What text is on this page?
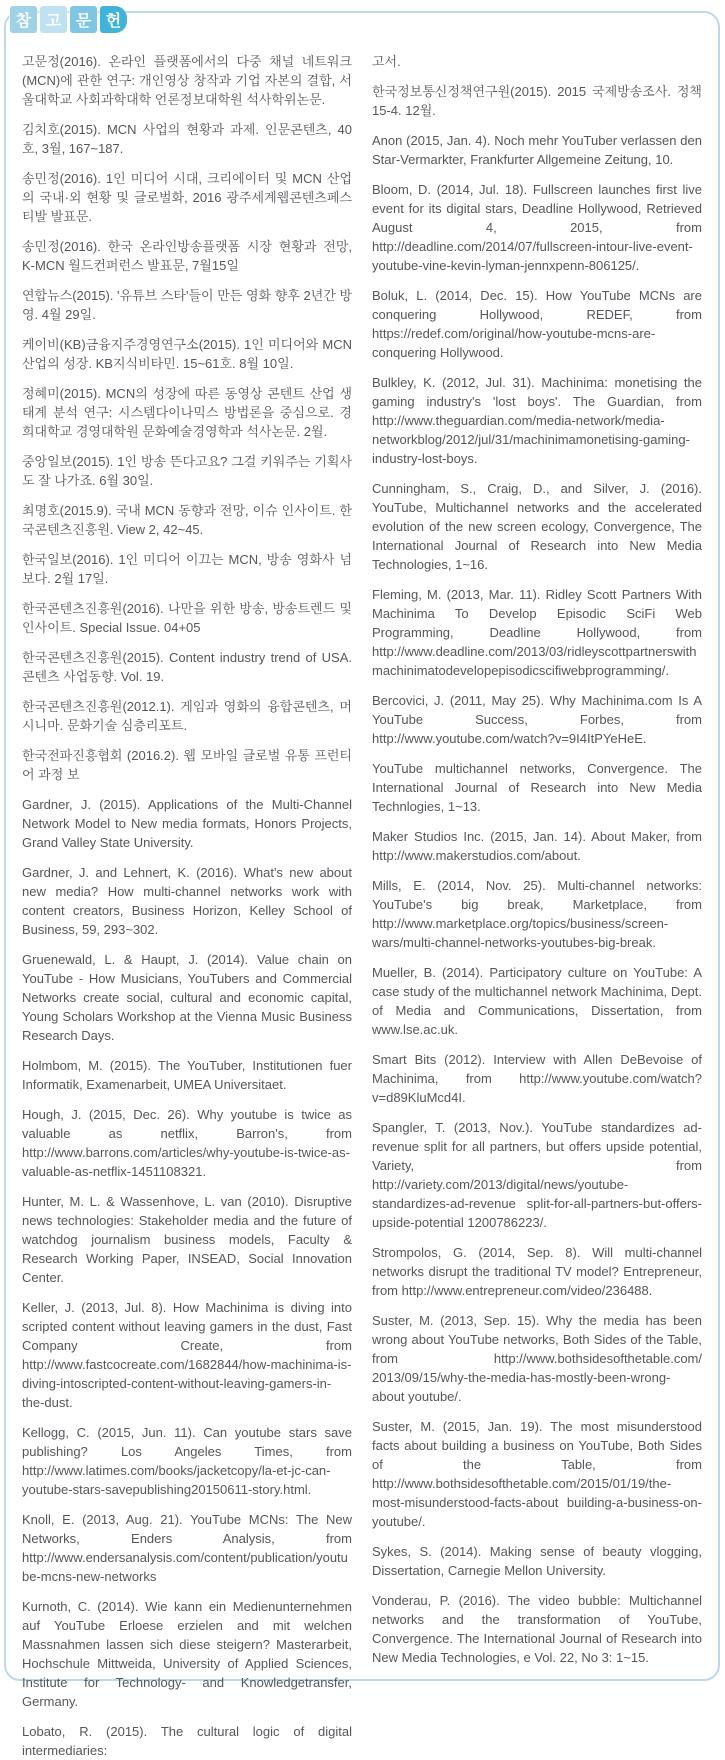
참 고 문 헌

고문정(2016). 온라인 플랫폼에서의 다중 채널 네트워크(MCN)에 관한 연구: 개인영상 창작과 기업 자본의 결합, 서울대학교 사회과학대학 언론정보대학원 석사학위논문.

김치호(2015). MCN 사업의 현황과 과제. 인문콘텐츠, 40호, 3월, 167~187.

송민정(2016). 1인 미디어 시대, 크리에이터 및 MCN 산업의 국내·외 현황 및 글로벌화, 2016 광주세계웹콘텐츠페스티발 발표문.

송민정(2016). 한국 온라인방송플랫폼 시장 현황과 전망, K-MCN 월드컨퍼런스 발표문, 7월15일

연합뉴스(2015). '유튜브 스타'들이 만든 영화 향후 2년간 방영. 4월 29일.

케이비(KB)금융지주경영연구소(2015). 1인 미디어와 MCN 산업의 성장. KB지식비타민. 15~61호. 8월 10일.

정혜미(2015). MCN의 성장에 따른 동영상 콘텐트 산업 생태계 분석 연구: 시스템다이나믹스 방법론을 중심으로. 경희대학교 경영대학원 문화예술경영학과 석사논문. 2월.

중앙일보(2015). 1인 방송 뜬다고요? 그걸 키워주는 기획사도 잘 나가죠. 6월 30일.

최명호(2015.9). 국내 MCN 동향과 전망, 이슈 인사이트. 한국콘텐츠진흥원. View 2, 42~45.

한국일보(2016). 1인 미디어 이끄는 MCN, 방송 영화사 넘보다. 2월 17일.

한국콘텐츠진흥원(2016). 나만을 위한 방송, 방송트렌드 및 인사이트. Special Issue. 04+05

한국콘텐츠진흥원(2015). Content industry trend of USA. 콘텐츠 사업동향. Vol. 19.

한국콘텐츠진흥원(2012.1). 게임과 영화의 융합콘텐츠, 머시니마. 문화기술 심층리포트.

한국전파진흥협회 (2016.2). 웹 모바일 글로벌 유통 프런티어 과정 보

Gardner, J. (2015). Applications of the Multi-Channel Network Model to New media formats, Honors Projects, Grand Valley State University.

Gardner, J. and Lehnert, K. (2016). What's new about new media? How multi-channel networks work with content creators, Business Horizon, Kelley School of Business, 59, 293~302.

Gruenewald, L. & Haupt, J. (2014). Value chain on YouTube - How Musicians, YouTubers and Commercial Networks create social, cultural and economic capital, Young Scholars Workshop at the Vienna Music Business Research Days.

Holmbom, M. (2015). The YouTuber, Institutionen fuer Informatik, Examenarbeit, UMEA Universitaet.

Hough, J. (2015, Dec. 26). Why youtube is twice as valuable as netflix, Barron's, from http://www.barrons.com/articles/why-youtube-is-twice-as-valuable-as-netflix-1451108321.

Hunter, M. L. & Wassenhove, L. van (2010). Disruptive news technologies: Stakeholder media and the future of watchdog journalism business models, Faculty & Research Working Paper, INSEAD, Social Innovation Center.

Keller, J. (2013, Jul. 8). How Machinima is diving into scripted content without leaving gamers in the dust, Fast Company Create, from http://www.fastcocreate.com/1682844/how-machinima-is-diving-intoscripted-content-without-leaving-gamers-in-the-dust.

Kellogg, C. (2015, Jun. 11). Can youtube stars save publishing? Los Angeles Times, from http://www.latimes.com/books/jacketcopy/la-et-jc-can-youtube-stars-savepublishing20150611-story.html.

Knoll, E. (2013, Aug. 21). YouTube MCNs: The New Networks, Enders Analysis, from http://www.endersanalysis.com/content/publication/youtube-mcns-new-networks

Kurnoth, C. (2014). Wie kann ein Medienunternehmen auf YouTube Erloese erzielen and mit welchen Massnahmen lassen sich diese steigern? Masterarbeit, Hochschule Mittweida, University of Applied Sciences, Institute for Technology- and Knowledgetransfer, Germany.

Lobato, R. (2015). The cultural logic of digital intermediaries:

고서.

한국정보통신정책연구원(2015). 2015 국제방송조사. 정책 15-4. 12월.

Anon (2015, Jan. 4). Noch mehr YouTuber verlassen den Star-Vermarkter, Frankfurter Allgemeine Zeitung, 10.

Bloom, D. (2014, Jul. 18). Fullscreen launches first live event for its digital stars, Deadline Hollywood, Retrieved August 4, 2015, from http://deadline.com/2014/07/fullscreen-intour-live-event-youtube-vine-kevin-lyman-jennxpenn-806125/.

Boluk, L. (2014, Dec. 15). How YouTube MCNs are conquering Hollywood, REDEF, from https://redef.com/original/how-youtube-mcns-are-conquering Hollywood.

Bulkley, K. (2012, Jul. 31). Machinima: monetising the gaming industry's 'lost boys'. The Guardian, from http://www.theguardian.com/media-network/media-networkblog/2012/jul/31/machinimamonetising-gaming-industry-lost-boys.

Cunningham, S., Craig, D., and Silver, J. (2016). YouTube, Multichannel networks and the accelerated evolution of the new screen ecology, Convergence, The International Journal of Research into New Media Technologies, 1~16.

Fleming, M. (2013, Mar. 11). Ridley Scott Partners With Machinima To Develop Episodic SciFi Web Programming, Deadline Hollywood, from http://www.deadline.com/2013/03/ridleyscottpartnerswithmachinimatodevelopepisodicscifiwebprogramming/.

Bercovici, J. (2011, May 25). Why Machinima.com Is A YouTube Success, Forbes, from http://www.youtube.com/watch?v=9I4ItPYeHeE.

YouTube multichannel networks, Convergence. The International Journal of Research into New Media Technlogies, 1~13.

Maker Studios Inc. (2015, Jan. 14). About Maker, from http://www.makerstudios.com/about.

Mills, E. (2014, Nov. 25). Multi-channel networks: YouTube's big break, Marketplace, from http://www.marketplace.org/topics/business/screen-wars/multi-channel-networks-youtubes-big-break.

Mueller, B. (2014). Participatory culture on YouTube: A case study of the multichannel network Machinima, Dept. of Media and Communications, Dissertation, from www.lse.ac.uk.

Smart Bits (2012). Interview with Allen DeBevoise of Machinima, from http://www.youtube.com/watch?v=d89KluMcd4I.

Spangler, T. (2013, Nov.). YouTube standardizes ad-revenue split for all partners, but offers upside potential, Variety, from http://variety.com/2013/digital/news/youtube-standardizes-ad-revenue split-for-all-partners-but-offers-upside-potential 1200786223/.

Strompolos, G. (2014, Sep. 8). Will multi-channel networks disrupt the traditional TV model? Entrepreneur, from http://www.entrepreneur.com/video/236488.

Suster, M. (2013, Sep. 15). Why the media has been wrong about YouTube networks, Both Sides of the Table, from http://www.bothsidesofthetable.com/ 2013/09/15/why-the-media-has-mostly-been-wrong-about youtube/.

Suster, M. (2015, Jan. 19). The most misunderstood facts about building a business on YouTube, Both Sides of the Table, from http://www.bothsidesofthetable.com/2015/01/19/the-most-misunderstood-facts-about building-a-business-on-youtube/.

Sykes, S. (2014). Making sense of beauty vlogging, Dissertation, Carnegie Mellon University.

Vonderau, P. (2016). The video bubble: Multichannel networks and the transformation of YouTube, Convergence. The International Journal of Research into New Media Technologies, e Vol. 22, No 3: 1~15.
